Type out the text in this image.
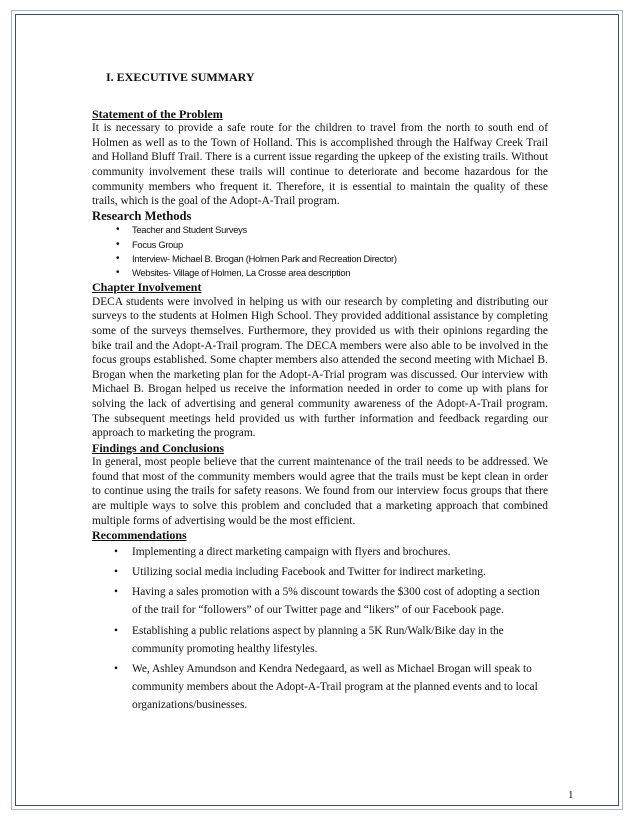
I. EXECUTIVE SUMMARY
Statement of the Problem
It is necessary to provide a safe route for the children to travel from the north to south end of Holmen as well as to the Town of Holland. This is accomplished through the Halfway Creek Trail and Holland Bluff Trail. There is a current issue regarding the upkeep of the existing trails. Without community involvement these trails will continue to deteriorate and become hazardous for the community members who frequent it. Therefore, it is essential to maintain the quality of these trails, which is the goal of the Adopt-A-Trail program.
Research Methods
• Teacher and Student Surveys
• Focus Group
• Interview- Michael B. Brogan (Holmen Park and Recreation Director)
• Websites- Village of Holmen, La Crosse area description
Chapter Involvement
DECA students were involved in helping us with our research by completing and distributing our surveys to the students at Holmen High School. They provided additional assistance by completing some of the surveys themselves. Furthermore, they provided us with their opinions regarding the bike trail and the Adopt-A-Trail program. The DECA members were also able to be involved in the focus groups established. Some chapter members also attended the second meeting with Michael B. Brogan when the marketing plan for the Adopt-A-Trial program was discussed. Our interview with Michael B. Brogan helped us receive the information needed in order to come up with plans for solving the lack of advertising and general community awareness of the Adopt-A-Trail program. The subsequent meetings held provided us with further information and feedback regarding our approach to marketing the program.
Findings and Conclusions
In general, most people believe that the current maintenance of the trail needs to be addressed. We found that most of the community members would agree that the trails must be kept clean in order to continue using the trails for safety reasons. We found from our interview focus groups that there are multiple ways to solve this problem and concluded that a marketing approach that combined multiple forms of advertising would be the most efficient.
Recommendations
• Implementing a direct marketing campaign with flyers and brochures.
• Utilizing social media including Facebook and Twitter for indirect marketing.
• Having a sales promotion with a 5% discount towards the $300 cost of adopting a section of the trail for “followers” of our Twitter page and “likers” of our Facebook page.
• Establishing a public relations aspect by planning a 5K Run/Walk/Bike day in the community promoting healthy lifestyles.
• We, Ashley Amundson and Kendra Nedegaard, as well as Michael Brogan will speak to community members about the Adopt-A-Trail program at the planned events and to local organizations/businesses.
1
